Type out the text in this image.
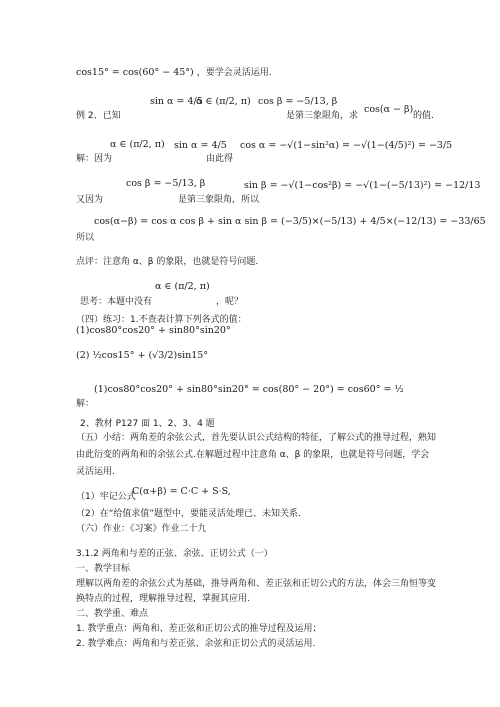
cos15° = cos(60° − 45°) ，要学会灵活运用.
sin α = 4/5
α ∈ (π/2, π) cos β = −5/13, β
例 2、已知	是第三象限角，求
cos(α − β)
的值.
α ∈ (π/2, π) sin α = 4/5 cos α = −√(1−sin²α) = −√(1−(4/5)²) = −3/5
解：因为	由此得
cos β = −5/13, β	sin β = −√(1−cos²β) = −√(1−(−5/13)²) = −12/13
又因为	是第三象限角，所以
cos(α−β) = cos α cos β + sin α sin β = (−3/5)×(−5/13) + 4/5×(−12/13) = −33/65
所以
点评：注意角 α、β 的象限，也就是符号问题.
α ∈ (π/2, π)
思考：本题中没有	，呢？
（四）练习：1.不查表计算下列各式的值：
(1)cos80°cos20° + sin80°sin20°
(2) ½cos15° + (√3/2)sin15°
(1)cos80°cos20° + sin80°sin20° = cos(80° − 20°) = cos60° = ½
解：
2、教材 P127 面 1、2、3、4 题
（五）小结：两角差的余弦公式，首先要认识公式结构的特征，了解公式的推导过程，熟知
由此衍变的两角和的余弦公式.在解题过程中注意角 α、β 的象限，也就是符号问题，学会
灵活运用.
（1）牢记公式
C(α+β) = C·C + S·S,
（2）在“给值求值”题型中，要能灵活处理已、未知关系.
（六）作业：《习案》作业二十九
3.1.2 两角和与差的正弦、余弦、正切公式（一）
一、教学目标
理解以两角差的余弦公式为基础，推导两角和、差正弦和正切公式的方法，体会三角恒等变
换特点的过程，理解推导过程，掌握其应用.
二、教学重、难点
1. 教学重点：两角和、差正弦和正切公式的推导过程及运用；
2. 教学难点：两角和与差正弦、余弦和正切公式的灵活运用.
